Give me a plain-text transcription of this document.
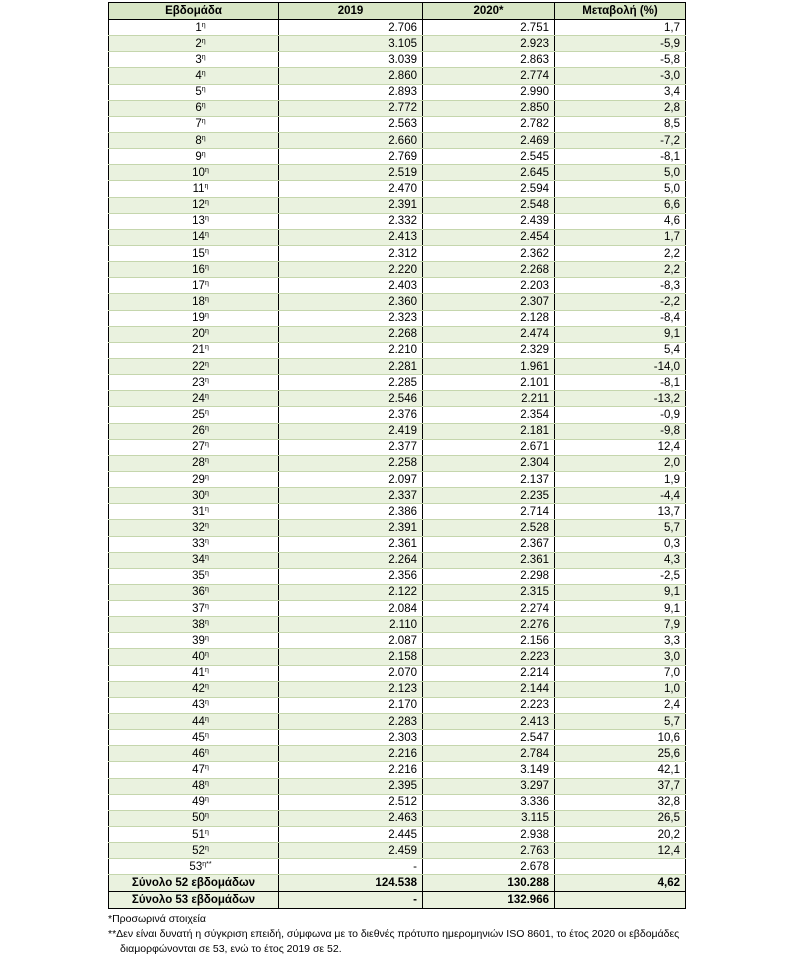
Εβδομάδα	2019	2020*	Μεταβολή (%)
$1^\eta$	2.706	2.751	1,7
$2^\eta$	3.105	2.923	-5,9
$3^\eta$	3.039	2.863	-5,8
$4^\eta$	2.860	2.774	-3,0
$5^\eta$	2.893	2.990	3,4
$6^\eta$	2.772	2.850	2,8
$7^\eta$	2.563	2.782	8,5
$8^\eta$	2.660	2.469	-7,2
$9^\eta$	2.769	2.545	-8,1
$10^\eta$	2.519	2.645	5,0
$11^\eta$	2.470	2.594	5,0
$12^\eta$	2.391	2.548	6,6
$13^\eta$	2.332	2.439	4,6
$14^\eta$	2.413	2.454	1,7
$15^\eta$	2.312	2.362	2,2
$16^\eta$	2.220	2.268	2,2
$17^\eta$	2.403	2.203	-8,3
$18^\eta$	2.360	2.307	-2,2
$19^\eta$	2.323	2.128	-8,4
$20^\eta$	2.268	2.474	9,1
$21^\eta$	2.210	2.329	5,4
$22^\eta$	2.281	1.961	-14,0
$23^\eta$	2.285	2.101	-8,1
$24^\eta$	2.546	2.211	-13,2
$25^\eta$	2.376	2.354	-0,9
$26^\eta$	2.419	2.181	-9,8
$27^\eta$	2.377	2.671	12,4
$28^\eta$	2.258	2.304	2,0
$29^\eta$	2.097	2.137	1,9
$30^\eta$	2.337	2.235	-4,4
$31^\eta$	2.386	2.714	13,7
$32^\eta$	2.391	2.528	5,7
$33^\eta$	2.361	2.367	0,3
$34^\eta$	2.264	2.361	4,3
$35^\eta$	2.356	2.298	-2,5
$36^\eta$	2.122	2.315	9,1
$37^\eta$	2.084	2.274	9,1
$38^\eta$	2.110	2.276	7,9
$39^\eta$	2.087	2.156	3,3
$40^\eta$	2.158	2.223	3,0
$41^\eta$	2.070	2.214	7,0
$42^\eta$	2.123	2.144	1,0
$43^\eta$	2.170	2.223	2,4
$44^\eta$	2.283	2.413	5,7
$45^\eta$	2.303	2.547	10,6
$46^\eta$	2.216	2.784	25,6
$47^\eta$	2.216	3.149	42,1
$48^\eta$	2.395	3.297	37,7
$49^\eta$	2.512	3.336	32,8
$50^\eta$	2.463	3.115	26,5
$51^\eta$	2.445	2.938	20,2
$52^\eta$	2.459	2.763	12,4
$53^{\eta**}$	-	2.678	
Σύνολο 52 εβδομάδων	124.538	130.288	4,62
Σύνολο 53 εβδομάδων	-	132.966	

*Προσωρινά στοιχεία

**Δεν είναι δυνατή η σύγκριση επειδή, σύμφωνα με το διεθνές πρότυπο ημερομηνιών ISO 8601, το έτος 2020 οι εβδομάδες

διαμορφώνονται σε 53, ενώ το έτος 2019 σε 52.
